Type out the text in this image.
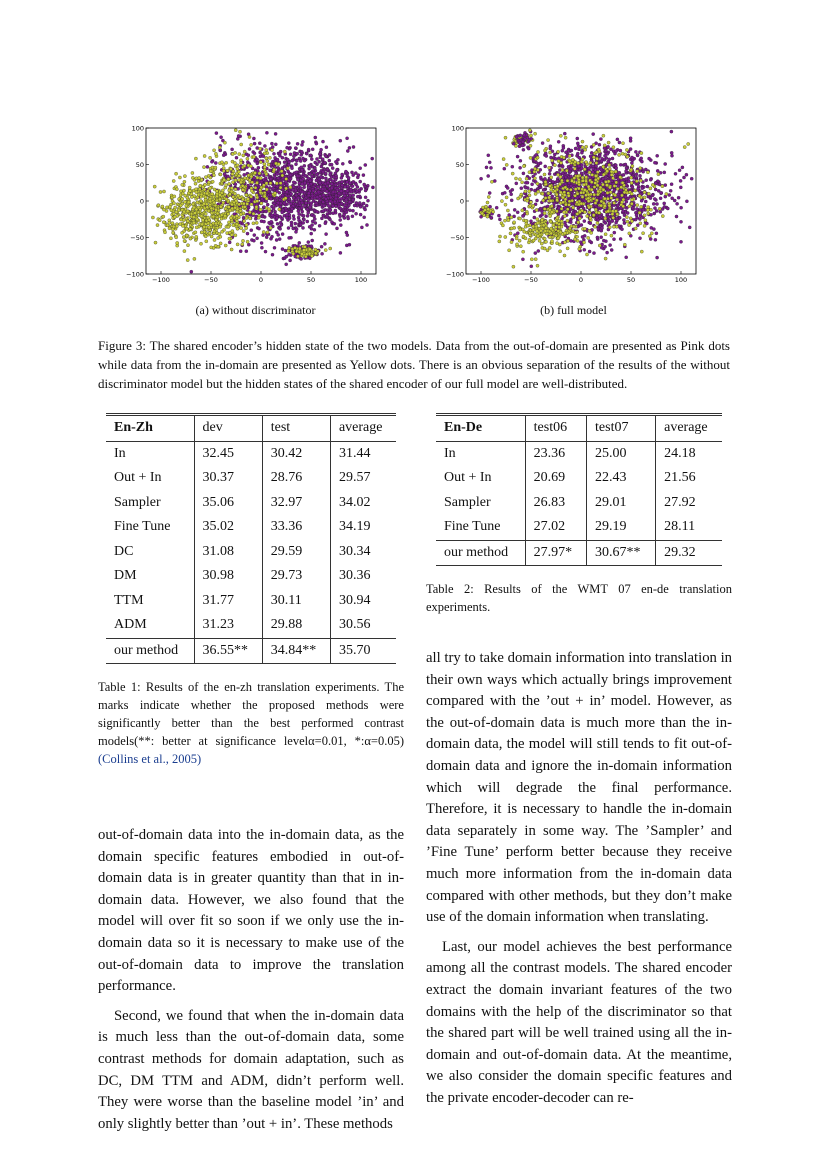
−100	−50	0	50	100
100
50
0
−50
−100
−100	−50	0	50	100
100
50
0
−50
−100
(a) without discriminator	(b) full model
Figure 3: The shared encoder’s hidden state of the two models. Data from the out-of-domain are presented as Pink dots while data from the in-domain are presented as Yellow dots. There is an obvious separation of the results of the without discriminator model but the hidden states of the shared encoder of our full model are well-distributed.
En-Zh	dev	test	average
In	32.45	30.42	31.44
Out + In	30.37	28.76	29.57
Sampler	35.06	32.97	34.02
Fine Tune	35.02	33.36	34.19
DC	31.08	29.59	30.34
DM	30.98	29.73	30.36
TTM	31.77	30.11	30.94
ADM	31.23	29.88	30.56
our method	36.55**	34.84**	35.70
Table 1: Results of the en-zh translation experiments. The marks indicate whether the proposed methods were significantly better than the best performed contrast models(**: better at significance levelα=0.01, *:α=0.05)(Collins et al., 2005)
En-De	test06	test07	average
In	23.36	25.00	24.18
Out + In	20.69	22.43	21.56
Sampler	26.83	29.01	27.92
Fine Tune	27.02	29.19	28.11
our method	27.97*	30.67**	29.32
Table 2: Results of the WMT 07 en-de translation experiments.

out-of-domain data into the in-domain data, as the domain specific features embodied in out-of-domain data is in greater quantity than that in in-domain data. However, we also found that the model will over fit so soon if we only use the in-domain data so it is necessary to make use of the out-of-domain data to improve the translation performance.

Second, we found that when the in-domain data is much less than the out-of-domain data, some contrast methods for domain adaptation, such as DC, DM TTM and ADM, didn’t perform well. They were worse than the baseline model ’in’ and only slightly better than ’out + in’. These methods

all try to take domain information into translation in their own ways which actually brings improvement compared with the ’out + in’ model. However, as the out-of-domain data is much more than the in-domain data, the model will still tends to fit out-of-domain data and ignore the in-domain information which will degrade the final performance. Therefore, it is necessary to handle the in-domain data separately in some way. The ’Sampler’ and ’Fine Tune’ perform better because they receive much more information from the in-domain data compared with other methods, but they don’t make use of the domain information when translating.

Last, our model achieves the best performance among all the contrast models. The shared encoder extract the domain invariant features of the two domains with the help of the discriminator so that the shared part will be well trained using all the in-domain and out-of-domain data. At the meantime, we also consider the domain specific features and the private encoder-decoder can re-
